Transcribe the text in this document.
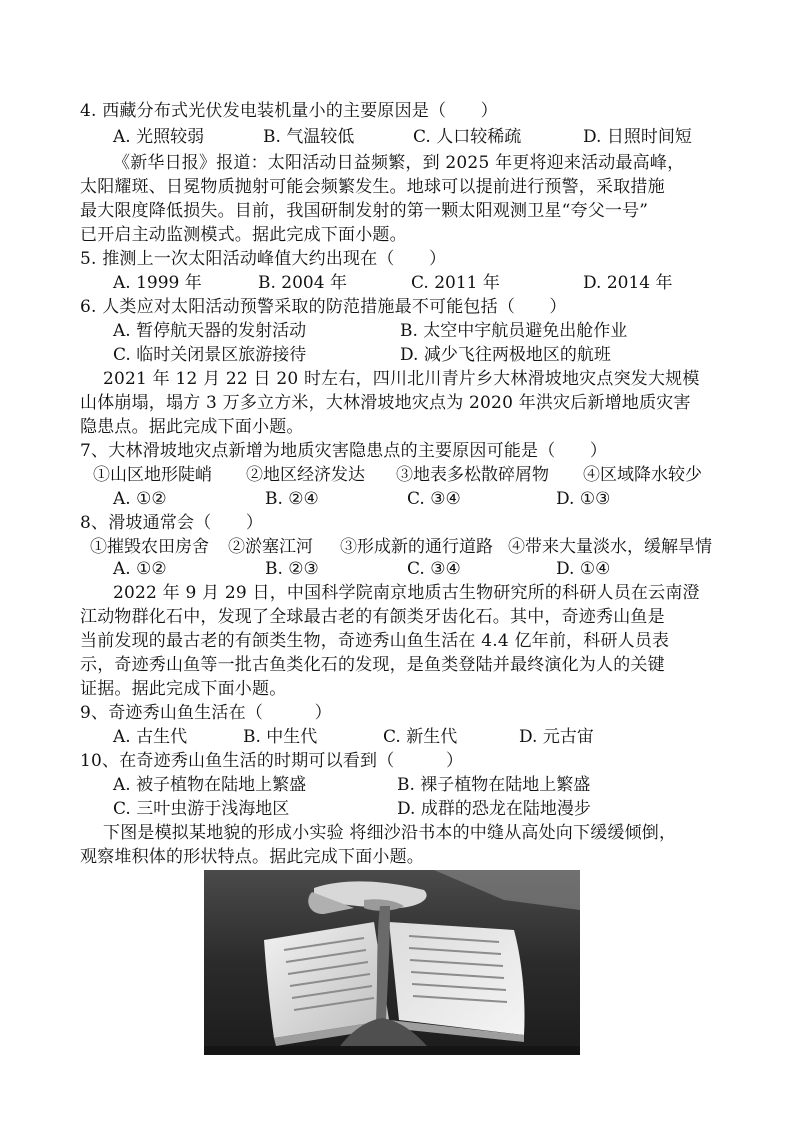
4. 西藏分布式光伏发电装机量小的主要原因是（　　）
A. 光照较弱	B. 气温较低	C. 人口较稀疏	D. 日照时间短
《新华日报》报道：太阳活动日益频繁，到 2025 年更将迎来活动最高峰，
太阳耀斑、日冕物质抛射可能会频繁发生。地球可以提前进行预警，采取措施
最大限度降低损失。目前，我国研制发射的第一颗太阳观测卫星“夸父一号”
已开启主动监测模式。据此完成下面小题。
5. 推测上一次太阳活动峰值大约出现在（　　）
A. 1999 年	B. 2004 年	C. 2011 年	D. 2014 年
6. 人类应对太阳活动预警采取的防范措施最不可能包括（　　）
A. 暂停航天器的发射活动	B. 太空中宇航员避免出舱作业
C. 临时关闭景区旅游接待	D. 减少飞往两极地区的航班
2021 年 12 月 22 日 20 时左右，四川北川青片乡大林滑坡地灾点突发大规模
山体崩塌，塌方 3 万多立方米，大林滑坡地灾点为 2020 年洪灾后新增地质灾害
隐患点。据此完成下面小题。
7、大林滑坡地灾点新增为地质灾害隐患点的主要原因可能是（　　）
①山区地形陡峭 ②地区经济发达 ③地表多松散碎屑物 ④区域降水较少
A. ①②	B. ②④	C. ③④	D. ①③
8、滑坡通常会（　　）
①摧毁农田房舍 ②淤塞江河 ③形成新的通行道路 ④带来大量淡水，缓解旱情
A. ①②	B. ②③	C. ③④	D. ①④
2022 年 9 月 29 日，中国科学院南京地质古生物研究所的科研人员在云南澄
江动物群化石中，发现了全球最古老的有颌类牙齿化石。其中，奇迹秀山鱼是
当前发现的最古老的有颌类生物，奇迹秀山鱼生活在 4.4 亿年前，科研人员表
示，奇迹秀山鱼等一批古鱼类化石的发现，是鱼类登陆并最终演化为人的关键
证据。据此完成下面小题。
9、奇迹秀山鱼生活在（　　　）
A. 古生代	B. 中生代	C. 新生代	D. 元古宙
10、在奇迹秀山鱼生活的时期可以看到（　　　）
A. 被子植物在陆地上繁盛	B. 裸子植物在陆地上繁盛
C. 三叶虫游于浅海地区	D. 成群的恐龙在陆地漫步
下图是模拟某地貌的形成小实验 将细沙沿书本的中缝从高处向下缓缓倾倒，
观察堆积体的形状特点。据此完成下面小题。
